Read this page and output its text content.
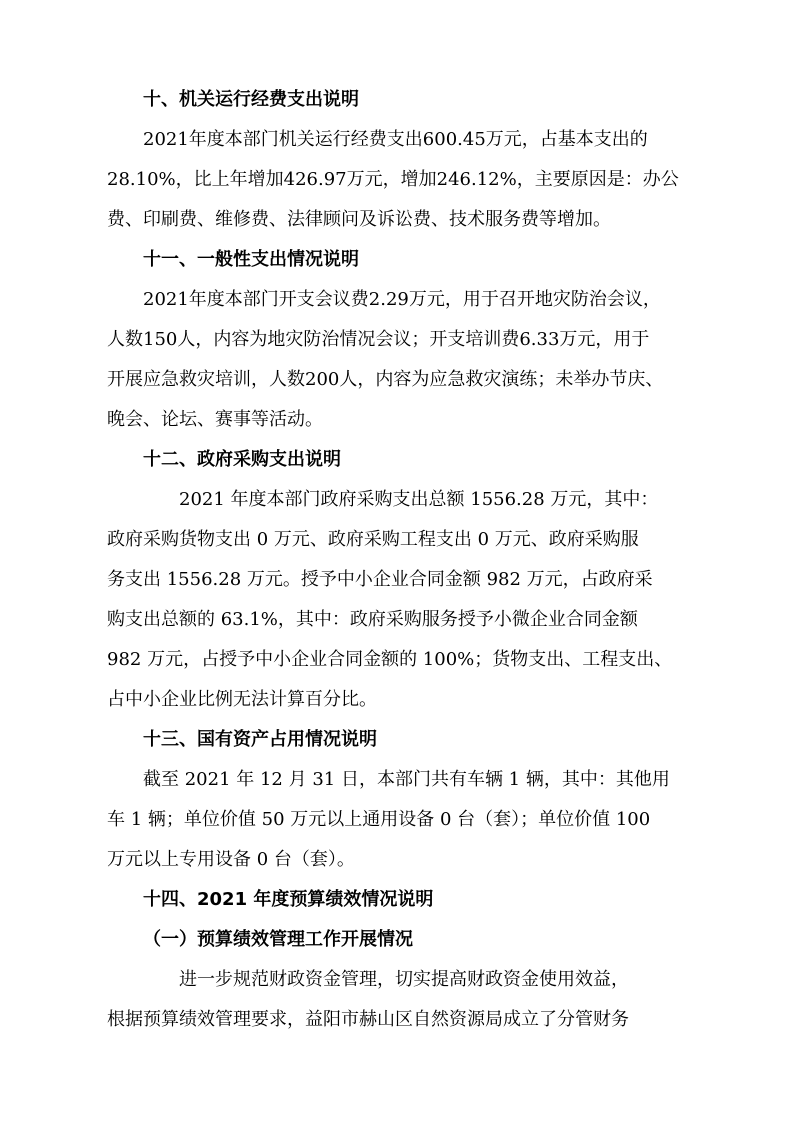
十、机关运行经费支出说明

2021年度本部门机关运行经费支出600.45万元，占基本支出的
28.10%，比上年增加426.97万元，增加246.12%，主要原因是：办公
费、印刷费、维修费、法律顾问及诉讼费、技术服务费等增加。

十一、一般性支出情况说明

2021年度本部门开支会议费2.29万元，用于召开地灾防治会议，
人数150人，内容为地灾防治情况会议；开支培训费6.33万元，用于
开展应急救灾培训，人数200人，内容为应急救灾演练；未举办节庆、
晚会、论坛、赛事等活动。

十二、政府采购支出说明

2021 年度本部门政府采购支出总额 1556.28 万元，其中：
政府采购货物支出 0 万元、政府采购工程支出 0 万元、政府采购服
务支出 1556.28 万元。授予中小企业合同金额 982 万元，占政府采
购支出总额的 63.1%，其中：政府采购服务授予小微企业合同金额
982 万元，占授予中小企业合同金额的 100%；货物支出、工程支出、
占中小企业比例无法计算百分比。

十三、国有资产占用情况说明

截至 2021 年 12 月 31 日，本部门共有车辆 1 辆，其中：其他用
车 1 辆；单位价值 50 万元以上通用设备 0 台（套）；单位价值 100
万元以上专用设备 0 台（套）。

十四、2021 年度预算绩效情况说明
（一）预算绩效管理工作开展情况

进一步规范财政资金管理，切实提高财政资金使用效益，
根据预算绩效管理要求，益阳市赫山区自然资源局成立了分管财务
